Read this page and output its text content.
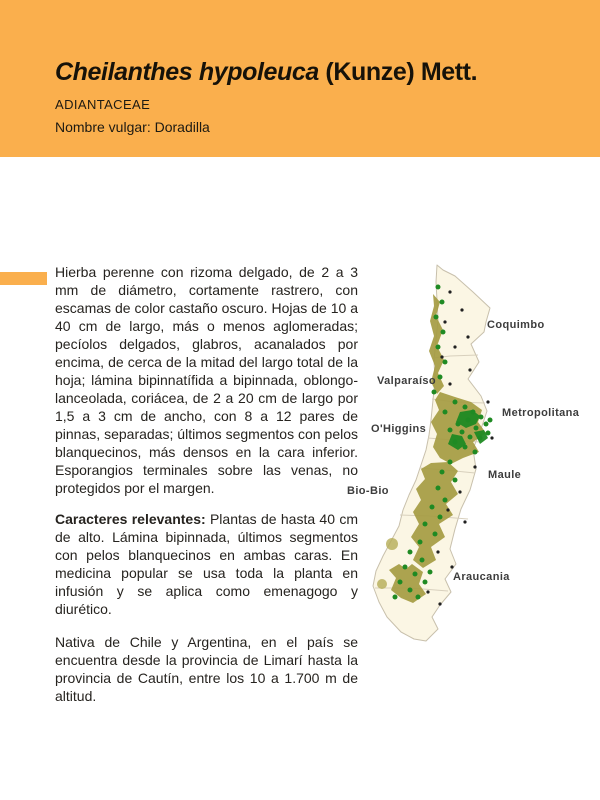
Cheilanthes hypoleuca (Kunze) Mett.
ADIANTACEAE
Nombre vulgar: Doradilla

Hierba perenne con rizoma delgado, de 2 a 3 mm de diámetro, cortamente rastrero, con escamas de color castaño oscuro. Hojas de 10 a 40 cm de largo, más o menos aglomeradas; pecíolos delgados, glabros, acanalados por encima, de cerca de la mitad del largo total de la hoja; lámina bipinnatífida a bipinnada, oblongo-lanceolada, coriácea, de 2 a 20 cm de largo por 1,5 a 3 cm de ancho, con 8 a 12 pares de pinnas, separadas; últimos segmentos con pelos blanquecinos, más densos en la cara inferior. Esporangios terminales sobre las venas, no protegidos por el margen.

Caracteres relevantes: Plantas de hasta 40 cm de alto. Lámina bipinnada, últimos segmentos con pelos blanquecinos en ambas caras. En medicina popular se usa toda la planta en infusión y se aplica como emenagogo y diurético.

Nativa de Chile y Argentina, en el país se encuentra desde la provincia de Limarí hasta la provincia de Cautín, entre los 10 a 1.700 m de altitud.

Coquimbo
Valparaíso
Metropolitana
O'Higgins
Maule
Bio-Bio
Araucania
